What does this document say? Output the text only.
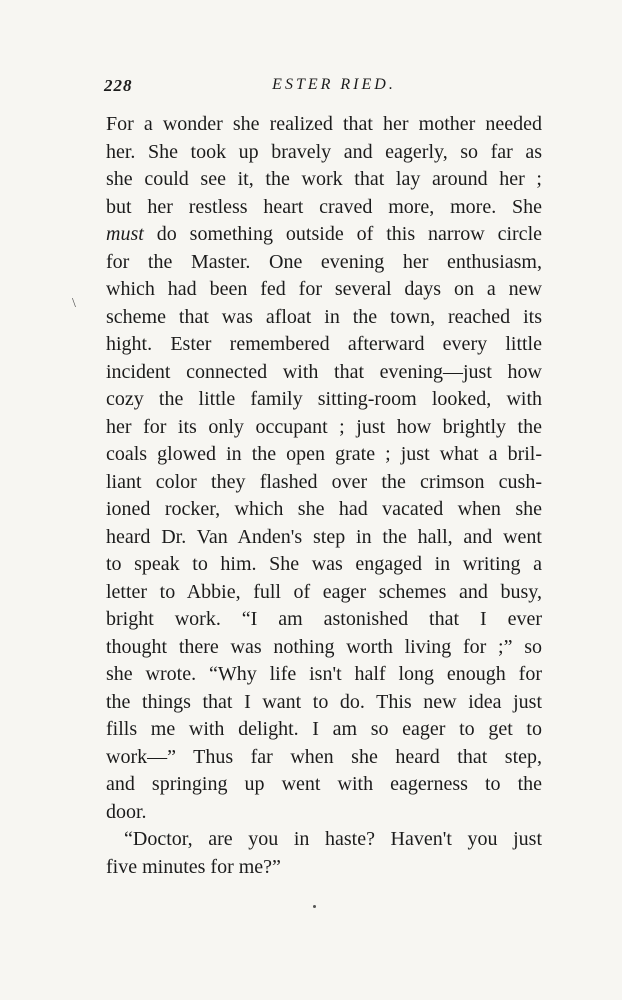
228	ESTER RIED.
For a wonder she realized that her mother needed
her. She took up bravely and eagerly, so far as
she could see it, the work that lay around her ;
but her restless heart craved more, more. She
must do something outside of this narrow circle
for the Master. One evening her enthusiasm,
which had been fed for several days on a new
scheme that was afloat in the town, reached its
hight. Ester remembered afterward every little
incident connected with that evening—just how
cozy the little family sitting-room looked, with
her for its only occupant ; just how brightly the
coals glowed in the open grate ; just what a bril-
liant color they flashed over the crimson cush-
ioned rocker, which she had vacated when she
heard Dr. Van Anden's step in the hall, and went
to speak to him. She was engaged in writing a
letter to Abbie, full of eager schemes and busy,
bright work. “I am astonished that I ever
thought there was nothing worth living for ;” so
she wrote. “Why life isn't half long enough for
the things that I want to do. This new idea just
fills me with delight. I am so eager to get to
work—” Thus far when she heard that step,
and springing up went with eagerness to the
door.
“Doctor, are you in haste? Haven't you just
five minutes for me?”
\
